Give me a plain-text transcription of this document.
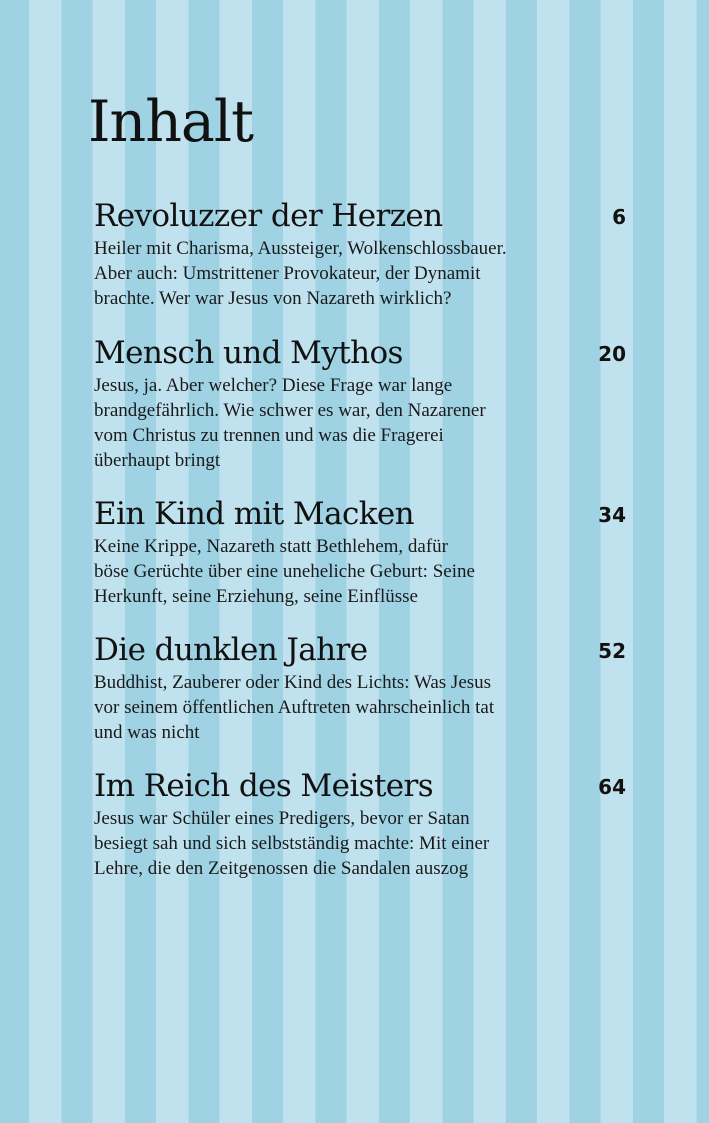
Inhalt
Revoluzzer der Herzen	6
Heiler mit Charisma, Aussteiger, Wolkenschlossbauer.
Aber auch: Umstrittener Provokateur, der Dynamit
brachte. Wer war Jesus von Nazareth wirklich?
Mensch und Mythos	20
Jesus, ja. Aber welcher? Diese Frage war lange
brandgefährlich. Wie schwer es war, den Nazarener
vom Christus zu trennen und was die Fragerei
überhaupt bringt
Ein Kind mit Macken	34
Keine Krippe, Nazareth statt Bethlehem, dafür
böse Gerüchte über eine uneheliche Geburt: Seine
Herkunft, seine Erziehung, seine Einflüsse
Die dunklen Jahre	52
Buddhist, Zauberer oder Kind des Lichts: Was Jesus
vor seinem öffentlichen Auftreten wahrscheinlich tat
und was nicht
Im Reich des Meisters	64
Jesus war Schüler eines Predigers, bevor er Satan
besiegt sah und sich selbstständig machte: Mit einer
Lehre, die den Zeitgenossen die Sandalen auszog
